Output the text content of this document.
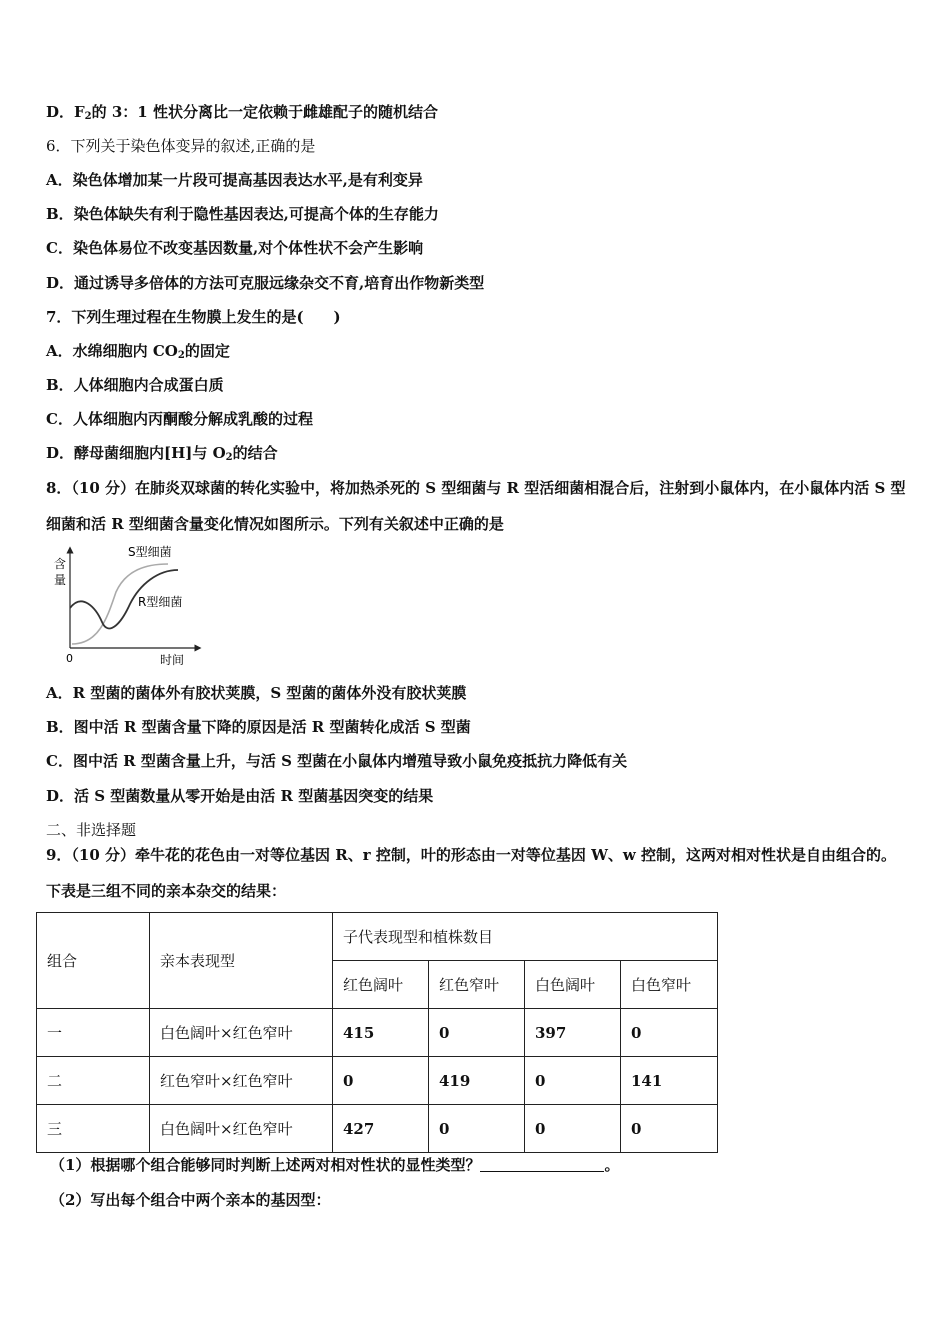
D．$F_2$的 3：1 性状分离比一定依赖于雌雄配子的随机结合
6．下列关于染色体变异的叙述,正确的是
A．染色体增加某一片段可提高基因表达水平,是有利变异
B．染色体缺失有利于隐性基因表达,可提高个体的生存能力
C．染色体易位不改变基因数量,对个体性状不会产生影响
D．通过诱导多倍体的方法可克服远缘杂交不育,培育出作物新类型
7．下列生理过程在生物膜上发生的是(　　)
A．水绵细胞内 $CO_2$的固定
B．人体细胞内合成蛋白质
C．人体细胞内丙酮酸分解成乳酸的过程
D．酵母菌细胞内[H]与 $O_2$的结合
8．（10 分）在肺炎双球菌的转化实验中，将加热杀死的 S 型细菌与 R 型活细菌相混合后，注射到小鼠体内，在小鼠体内活 S 型细菌和活 R 型细菌含量变化情况如图所示。下列有关叙述中正确的是
含
量
0	时间
S型细菌
R型细菌
A．R 型菌的菌体外有胶状荚膜，S 型菌的菌体外没有胶状荚膜
B．图中活 R 型菌含量下降的原因是活 R 型菌转化成活 S 型菌
C．图中活 R 型菌含量上升，与活 S 型菌在小鼠体内增殖导致小鼠免疫抵抗力降低有关
D．活 S 型菌数量从零开始是由活 R 型菌基因突变的结果
二、非选择题
9．（10 分）牵牛花的花色由一对等位基因 R、r 控制，叶的形态由一对等位基因 W、w 控制，这两对相对性状是自由组合的。下表是三组不同的亲本杂交的结果：
组合	亲本表现型	子代表现型和植株数目			
		红色阔叶	红色窄叶	白色阔叶	白色窄叶
一	白色阔叶×红色窄叶	415	0	397	0
二	红色窄叶×红色窄叶	0	419	0	141
三	白色阔叶×红色窄叶	427	0	0	0
（1）根据哪个组合能够同时判断上述两对相对性状的显性类型？	。
（2）写出每个组合中两个亲本的基因型：
